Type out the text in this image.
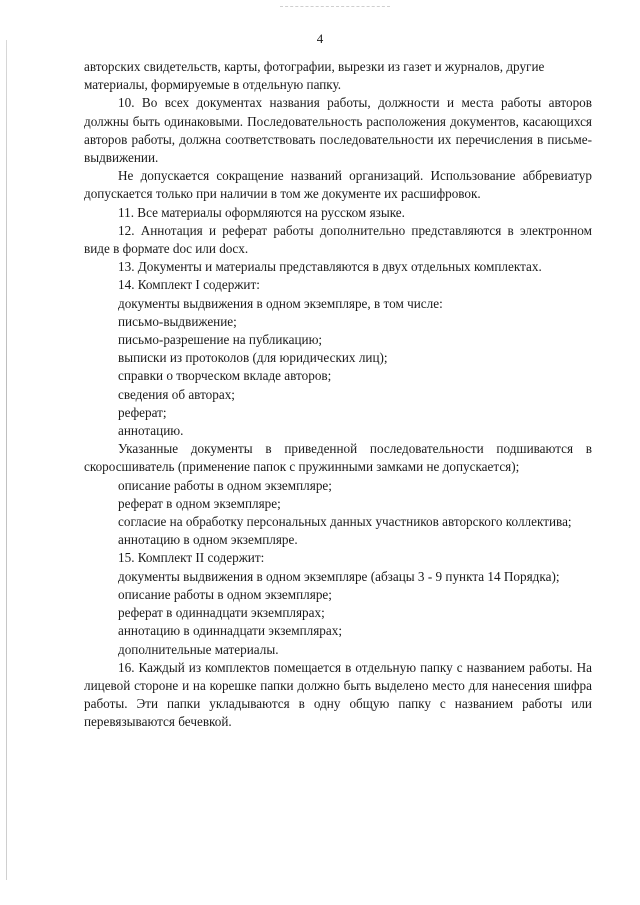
4

авторских свидетельств, карты, фотографии, вырезки из газет и журналов, другие материалы, формируемые в отдельную папку.

10. Во всех документах названия работы, должности и места работы авторов должны быть одинаковыми. Последовательность расположения документов, касающихся авторов работы, должна соответствовать последовательности их перечисления в письме-выдвижении.

Не допускается сокращение названий организаций. Использование аббревиатур допускается только при наличии в том же документе их расшифровок.

11. Все материалы оформляются на русском языке.

12. Аннотация и реферат работы дополнительно представляются в электронном виде в формате doc или docx.

13. Документы и материалы представляются в двух отдельных комплектах.

14. Комплект I содержит:

документы выдвижения в одном экземпляре, в том числе:

письмо-выдвижение;

письмо-разрешение на публикацию;

выписки из протоколов (для юридических лиц);

справки о творческом вкладе авторов;

сведения об авторах;

реферат;

аннотацию.

Указанные документы в приведенной последовательности подшиваются в скоросшиватель (применение папок с пружинными замками не допускается);

описание работы в одном экземпляре;

реферат в одном экземпляре;

согласие на обработку персональных данных участников авторского коллектива;

аннотацию в одном экземпляре.

15. Комплект II содержит:

документы выдвижения в одном экземпляре (абзацы 3 - 9 пункта 14 Порядка);

описание работы в одном экземпляре;

реферат в одиннадцати экземплярах;

аннотацию в одиннадцати экземплярах;

дополнительные материалы.

16. Каждый из комплектов помещается в отдельную папку с названием работы. На лицевой стороне и на корешке папки должно быть выделено место для нанесения шифра работы. Эти папки укладываются в одну общую папку с названием работы или перевязываются бечевкой.
